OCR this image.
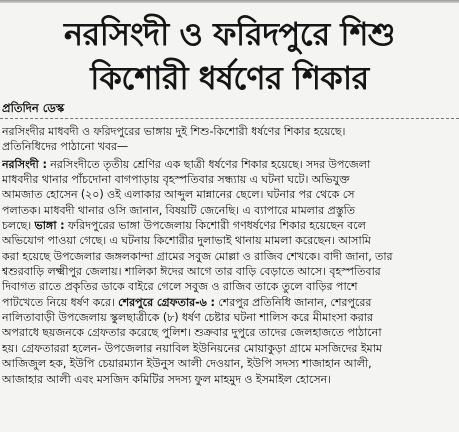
নরসিংদী ও ফরিদপুরে শিশু
কিশোরী ধর্ষণের শিকার
প্রতিদিন ডেস্ক
নরসিংদীর মাধবদী ও ফরিদপুরের ভাঙ্গায় দুই শিশু-কিশোরী ধর্ষণের শিকার হয়েছে।
প্রতিনিধিদের পাঠানো খবর—
নরসিংদী : নরসিংদীতে তৃতীয় শ্রেণির এক ছাত্রী ধর্ষণের শিকার হয়েছে। সদর উপজেলা
মাধবদীর থানার পাঁচদোনা বাগপাড়ায় বৃহস্পতিবার সন্ধ্যায় এ ঘটনা ঘটে। অভিযুক্ত
আমজাত হোসেন (২০) ওই এলাকার আব্দুল মান্নানের ছেলে। ঘটনার পর থেকে সে
পলাতক। মাধবদী থানার ওসি জানান, বিষয়টি জেনেছি। এ ব্যাপারে মামলার প্রস্তুতি
চলছে। ভাঙ্গা : ফরিদপুরের ভাঙ্গা উপজেলায় কিশোরী গণধর্ষণের শিকার হয়েছেন বলে
অভিযোগ পাওয়া গেছে। এ ঘটনায় কিশোরীর দুলাভাই থানায় মামলা করেছেন। আসামি
করা হয়েছে উপজেলার জঙ্গলকান্দা গ্রামের সবুজ মোল্লা ও রাজিব শেখকে। বাদী জানা, তার
শ্বশুরবাড়ি লক্ষ্মীপুর জেলায়। শালিকা ঈদের আগে তার বাড়ি বেড়াতে আসে। বৃহস্পতিবার
দিবাগত রাতে প্রকৃতির ডাকে বাইরে গেলে সবুজ ও রাজিব তাকে তুলে বাড়ির পাশে
পাটখেতে নিয়ে ধর্ষণ করে। শেরপুরে গ্রেফতার-৬ : শেরপুর প্রতিনিধি জানান, শেরপুরের
নালিতাবাড়ী উপজেলায় স্কুলছাত্রীকে (৮) ধর্ষণ চেষ্টার ঘটনা শালিস করে মীমাংসা করার
অপরাধে ছয়জনকে গ্রেফতার করেছে পুলিশ। শুক্রবার দুপুরে তাদের জেলহাজতে পাঠানো
হয়। গ্রেফতাররা হলেন- উপজেলার নয়াবিল ইউনিয়নের মোয়াকুড়া গ্রামে মসজিদের ইমাম
আজিজুল হক, ইউপি চেয়ারম্যান ইউনুস আলী দেওয়ান, ইউপি সদস্য শাজাহান আলী,
আজাহার আলী এবং মসজিদ কমিটির সদস্য ফুল মাহমুদ ও ইসমাইল হোসেন।
